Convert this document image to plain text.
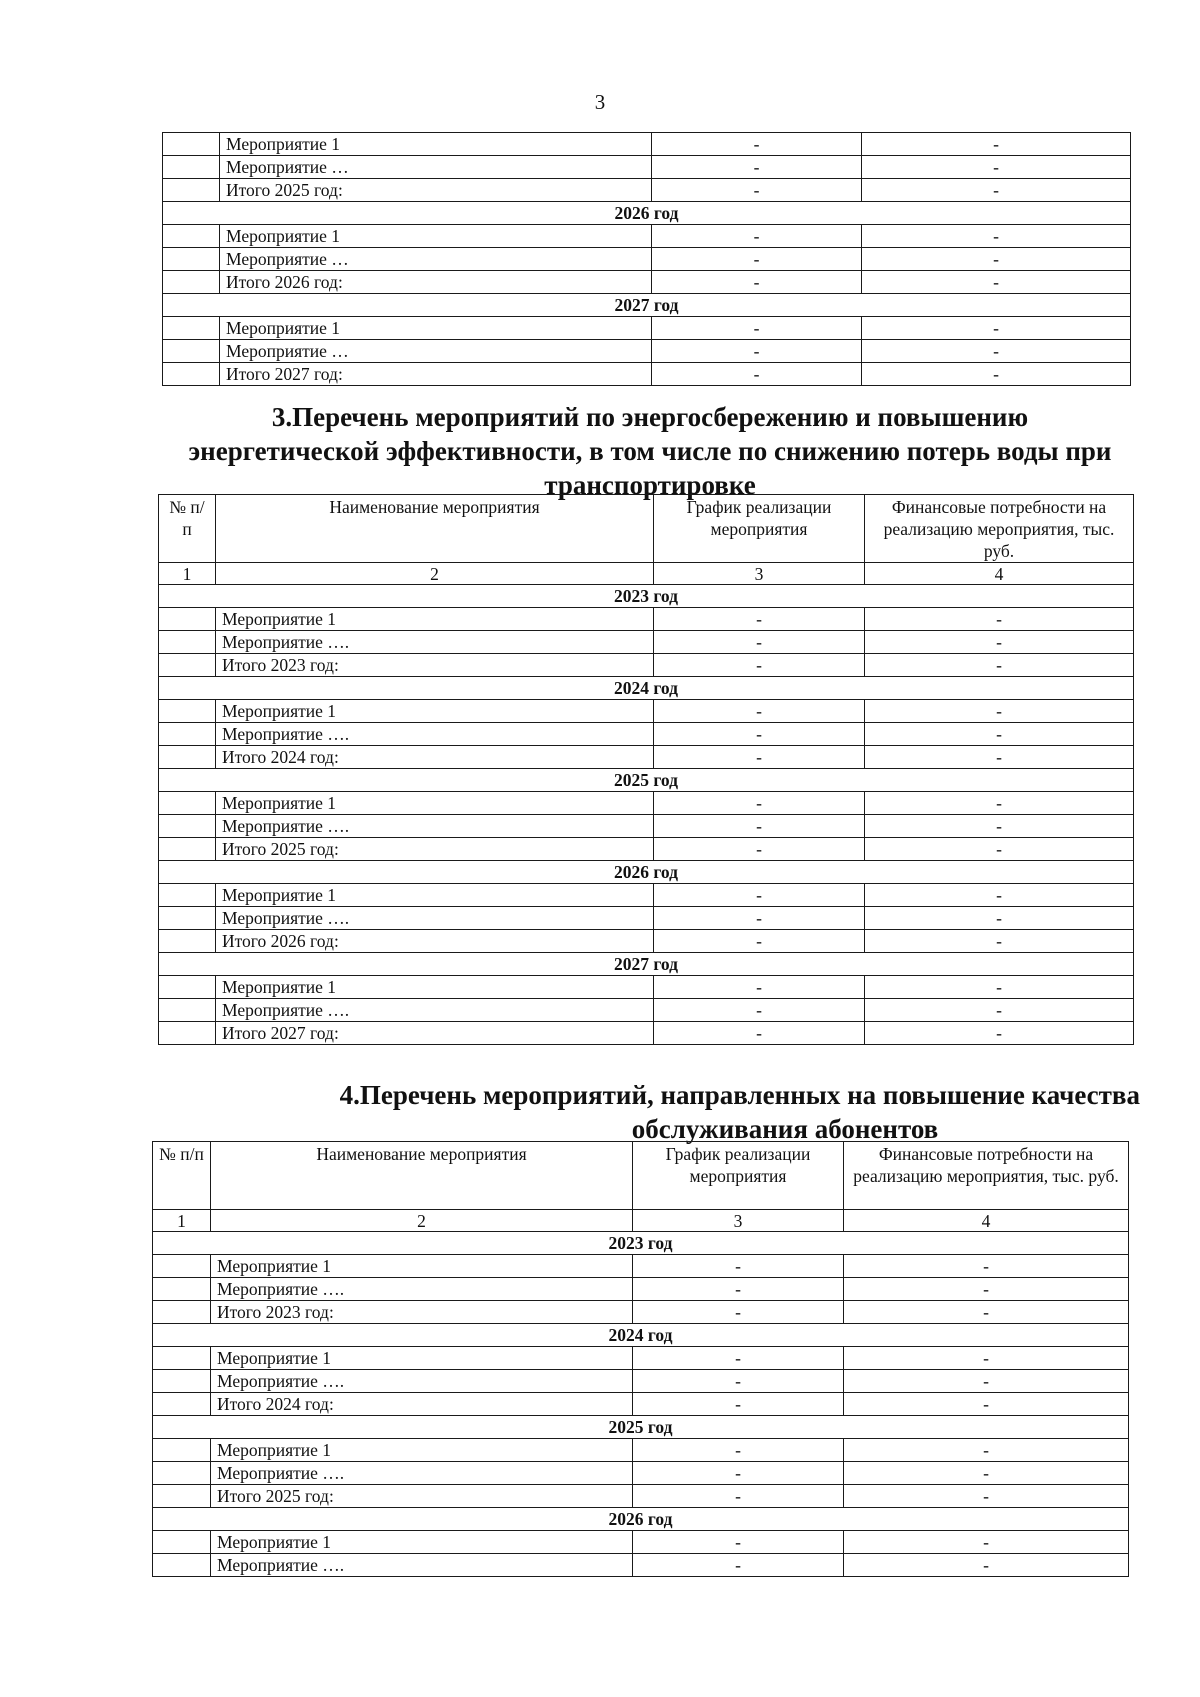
3
	Мероприятие 1	-	-
	Мероприятие …	-	-
	Итого 2025 год:	-	-
2026 год			
	Мероприятие 1	-	-
	Мероприятие …	-	-
	Итого 2026 год:	-	-
2027 год			
	Мероприятие 1	-	-
	Мероприятие …	-	-
	Итого 2027 год:	-	-
3.Перечень мероприятий по энергосбережению и повышению
энергетической эффективности, в том числе по снижению потерь воды при
транспортировке
№ п/п	Наименование мероприятия	График реализации мероприятия	Финансовые потребности на реализацию мероприятия, тыс. руб.
1	2	3	4
2023 год			
	Мероприятие 1	-	-
	Мероприятие ….	-	-
	Итого 2023 год:	-	-
2024 год			
	Мероприятие 1	-	-
	Мероприятие ….	-	-
	Итого 2024 год:	-	-
2025 год			
	Мероприятие 1	-	-
	Мероприятие ….	-	-
	Итого 2025 год:	-	-
2026 год			
	Мероприятие 1	-	-
	Мероприятие ….	-	-
	Итого 2026 год:	-	-
2027 год			
	Мероприятие 1	-	-
	Мероприятие ….	-	-
	Итого 2027 год:	-	-
4.Перечень мероприятий, направленных на повышение качества
обслуживания абонентов
№ п/п	Наименование мероприятия	График реализации мероприятия	Финансовые потребности на реализацию мероприятия, тыс. руб.
1	2	3	4
2023 год			
	Мероприятие 1	-	-
	Мероприятие ….	-	-
	Итого 2023 год:	-	-
2024 год			
	Мероприятие 1	-	-
	Мероприятие ….	-	-
	Итого 2024 год:	-	-
2025 год			
	Мероприятие 1	-	-
	Мероприятие ….	-	-
	Итого 2025 год:	-	-
2026 год			
	Мероприятие 1	-	-
	Мероприятие ….	-	-
